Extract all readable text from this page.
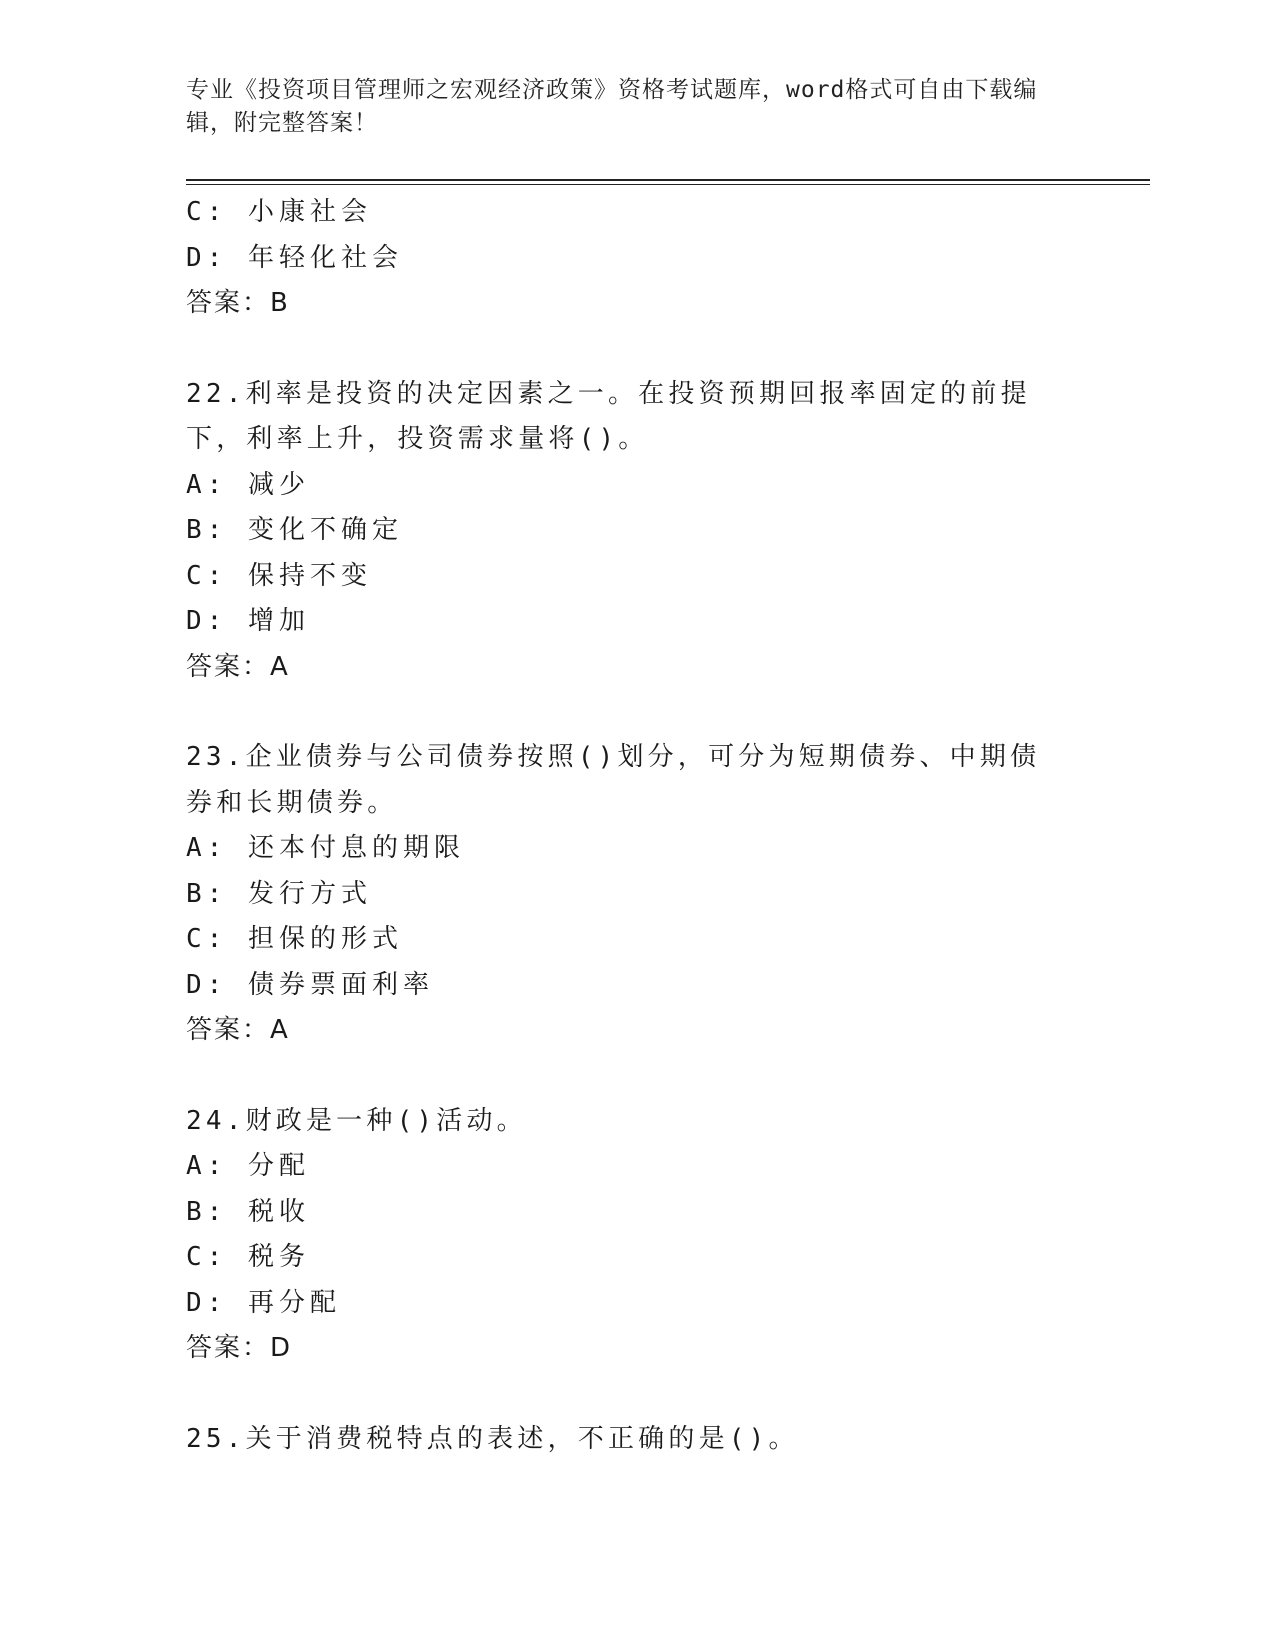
专业《投资项目管理师之宏观经济政策》资格考试题库，word格式可自由下载编辑，附完整答案！
C: 小康社会
D: 年轻化社会
答案：B
22.利率是投资的决定因素之一。在投资预期回报率固定的前提下，利率上升，投资需求量将()。
A: 减少
B: 变化不确定
C: 保持不变
D: 增加
答案：A
23.企业债券与公司债券按照()划分，可分为短期债券、中期债券和长期债券。
A: 还本付息的期限
B: 发行方式
C: 担保的形式
D: 债券票面利率
答案：A
24.财政是一种()活动。
A: 分配
B: 税收
C: 税务
D: 再分配
答案：D
25.关于消费税特点的表述，不正确的是()。
